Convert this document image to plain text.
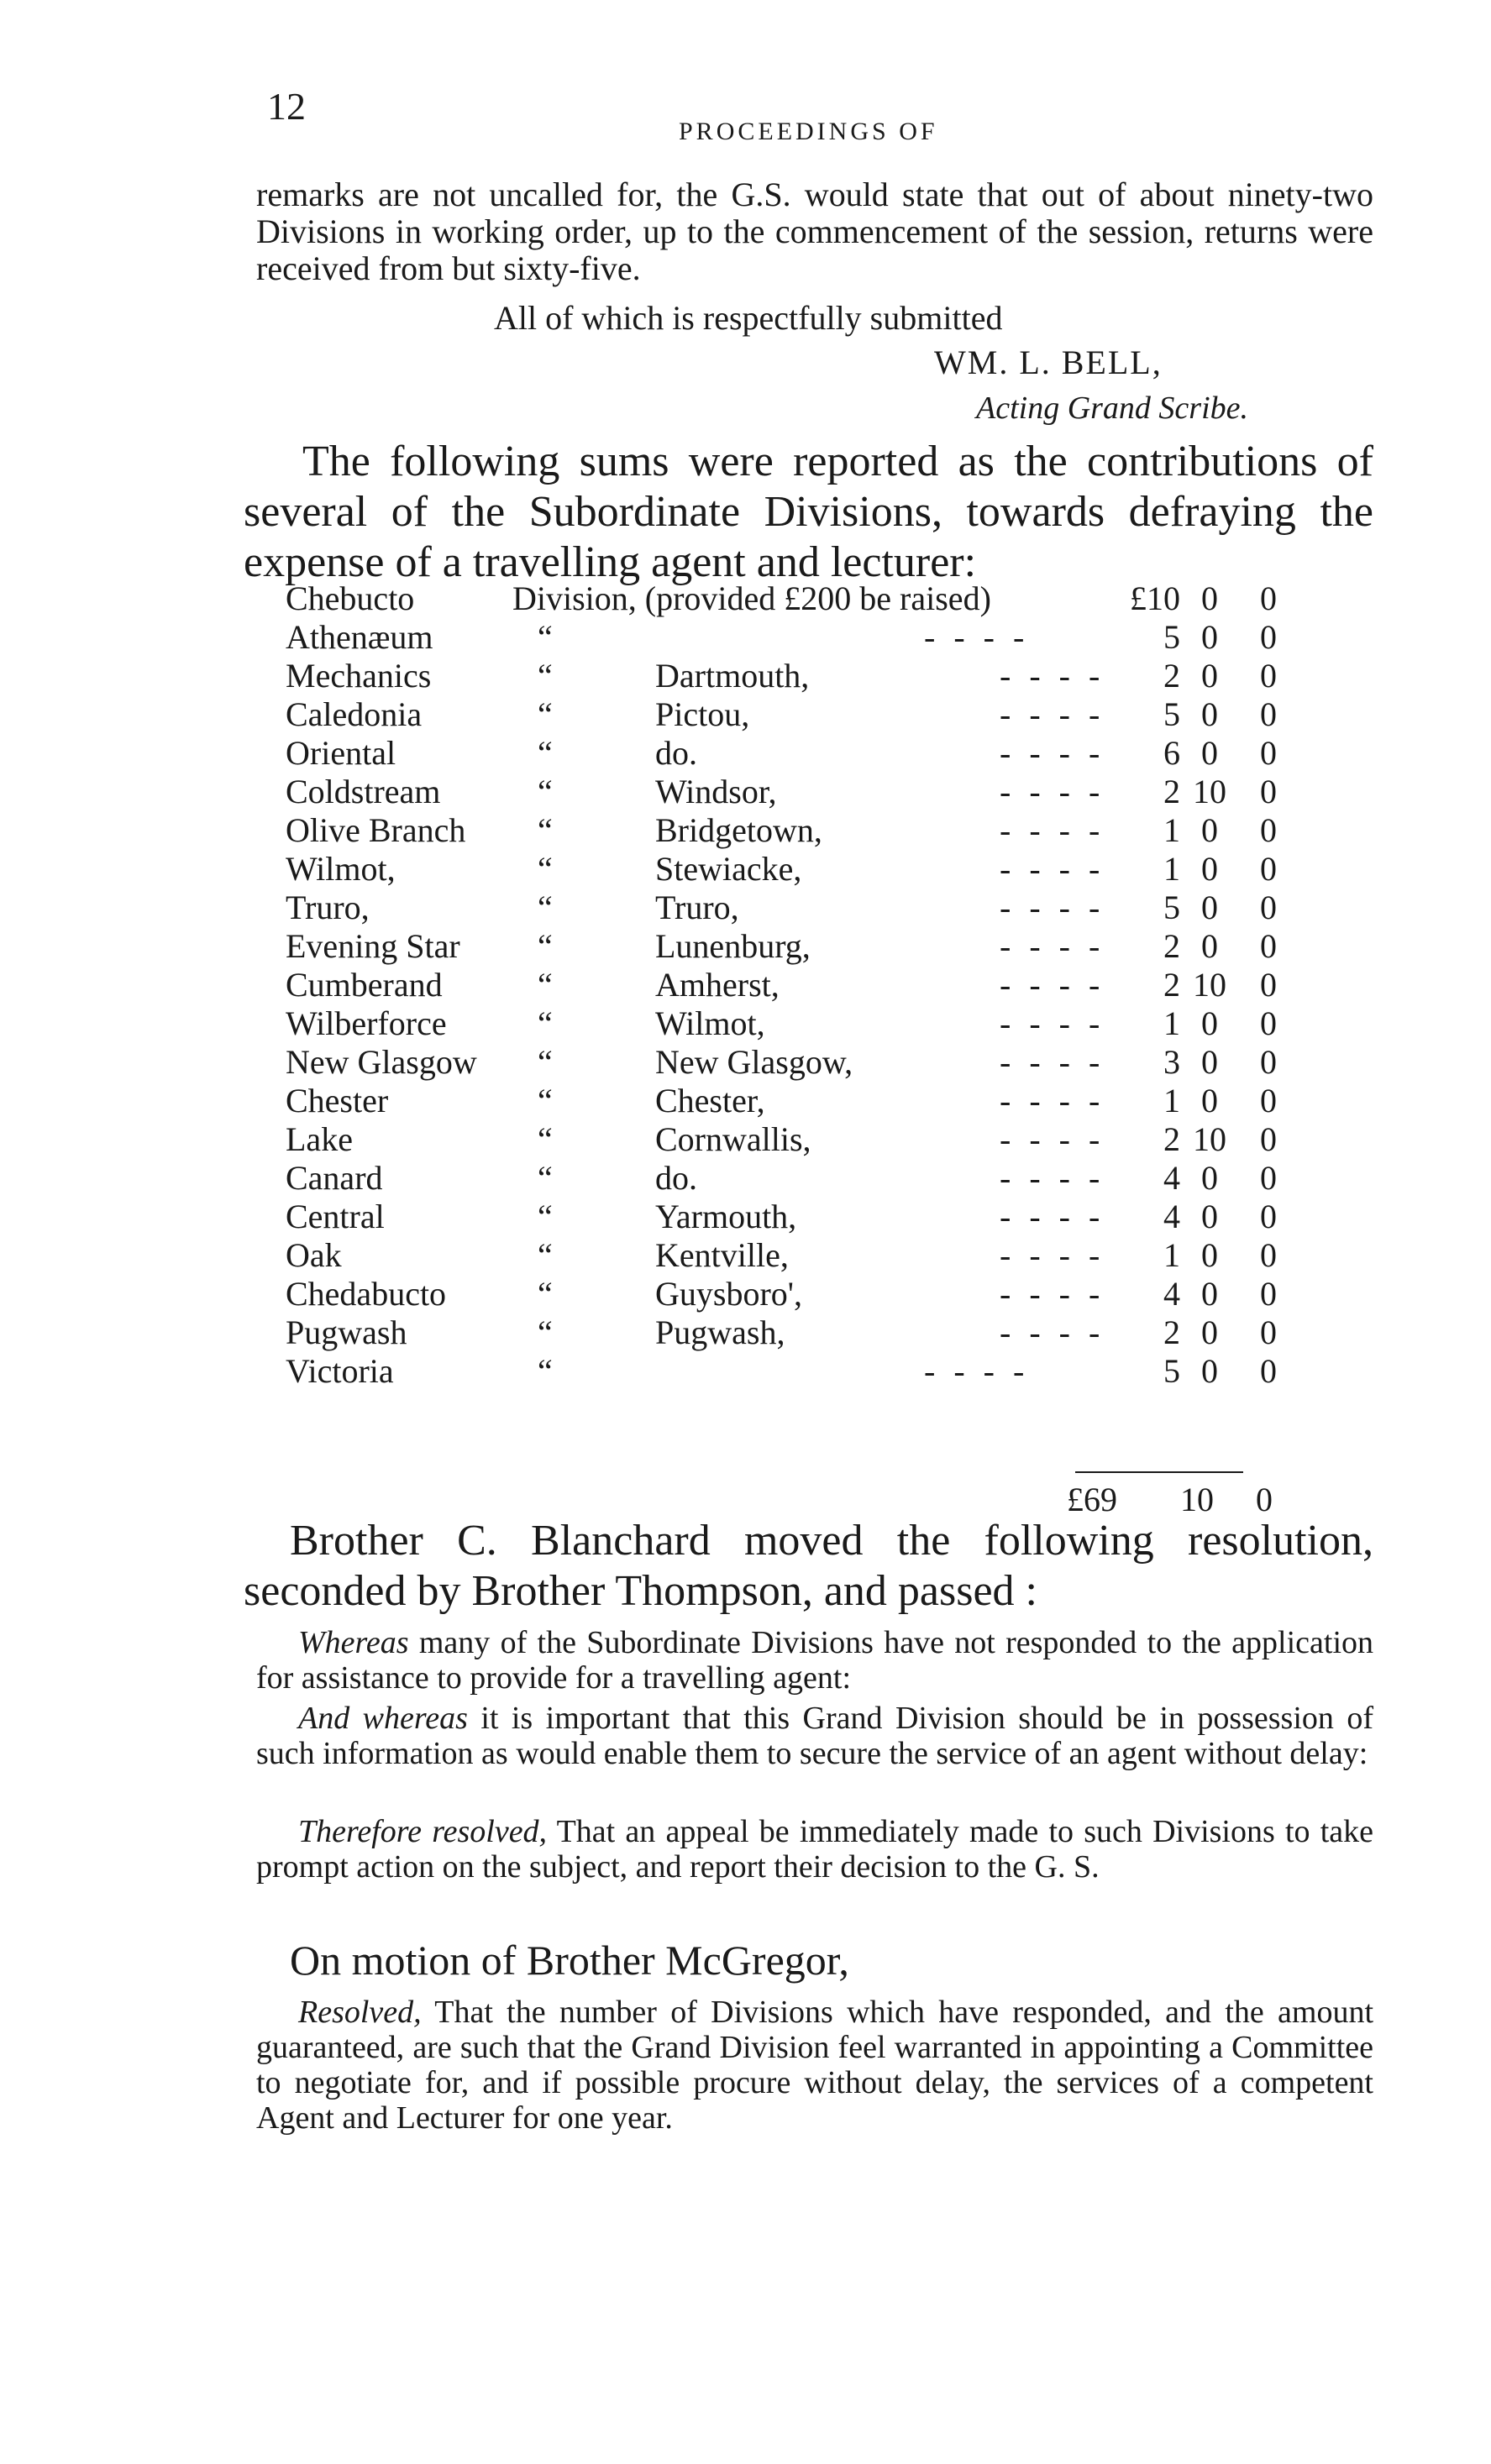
12
PROCEEDINGS OF

remarks are not uncalled for, the G.S. would state that out of about ninety-two Divisions in working order, up to the commencement of the session, returns were received from but sixty-five.

All of which is respectfully submitted
WM. L. BELL,
Acting Grand Scribe.

The following sums were reported as the contributions of several of the Subordinate Divisions, towards defraying the expense of a travelling agent and lecturer:

Chebucto	Division, (provided £200 be raised)	£10 0 0
Athenæum	“	- - - -	5 0 0
Mechanics	“	Dartmouth,	- - - -	2 0 0
Caledonia	“	Pictou,	- - - -	5 0 0
Oriental	“	do.	- - - -	6 0 0
Coldstream	“	Windsor,	- - - -	2 10 0
Olive Branch “	Bridgetown,	- - - -	1 0 0
Wilmot,	“	Stewiacke,	- - - -	1 0 0
Truro,	“	Truro,	- - - -	5 0 0
Evening Star “	Lunenburg,	- - - -	2 0 0
Cumberand	“	Amherst,	- - - -	2 10 0
Wilberforce	“	Wilmot,	- - - -	1 0 0
New Glasgow “	New Glasgow,	- - - -	3 0 0
Chester	“	Chester,	- - - -	1 0 0
Lake	“	Cornwallis,	- - - -	2 10 0
Canard	“	do.	- - - -	4 0 0
Central	“	Yarmouth,	- - - -	4 0 0
Oak	“	Kentville,	- - - -	1 0 0
Chedabucto	“	Guysboro',	- - - -	4 0 0
Pugwash	“	Pugwash,	- - - -	2 0 0
Victoria	“	- - - -	5 0 0
£69 10 0

Brother C. Blanchard moved the following resolution, seconded by Brother Thompson, and passed :

Whereas many of the Subordinate Divisions have not responded to the application for assistance to provide for a travelling agent:

And whereas it is important that this Grand Division should be in possession of such information as would enable them to secure the service of an agent without delay:

Therefore resolved, That an appeal be immediately made to such Divisions to take prompt action on the subject, and report their decision to the G. S.

On motion of Brother McGregor,

Resolved, That the number of Divisions which have responded, and the amount guaranteed, are such that the Grand Division feel warranted in appointing a Committee to negotiate for, and if possible procure without delay, the services of a competent Agent and Lecturer for one year.
